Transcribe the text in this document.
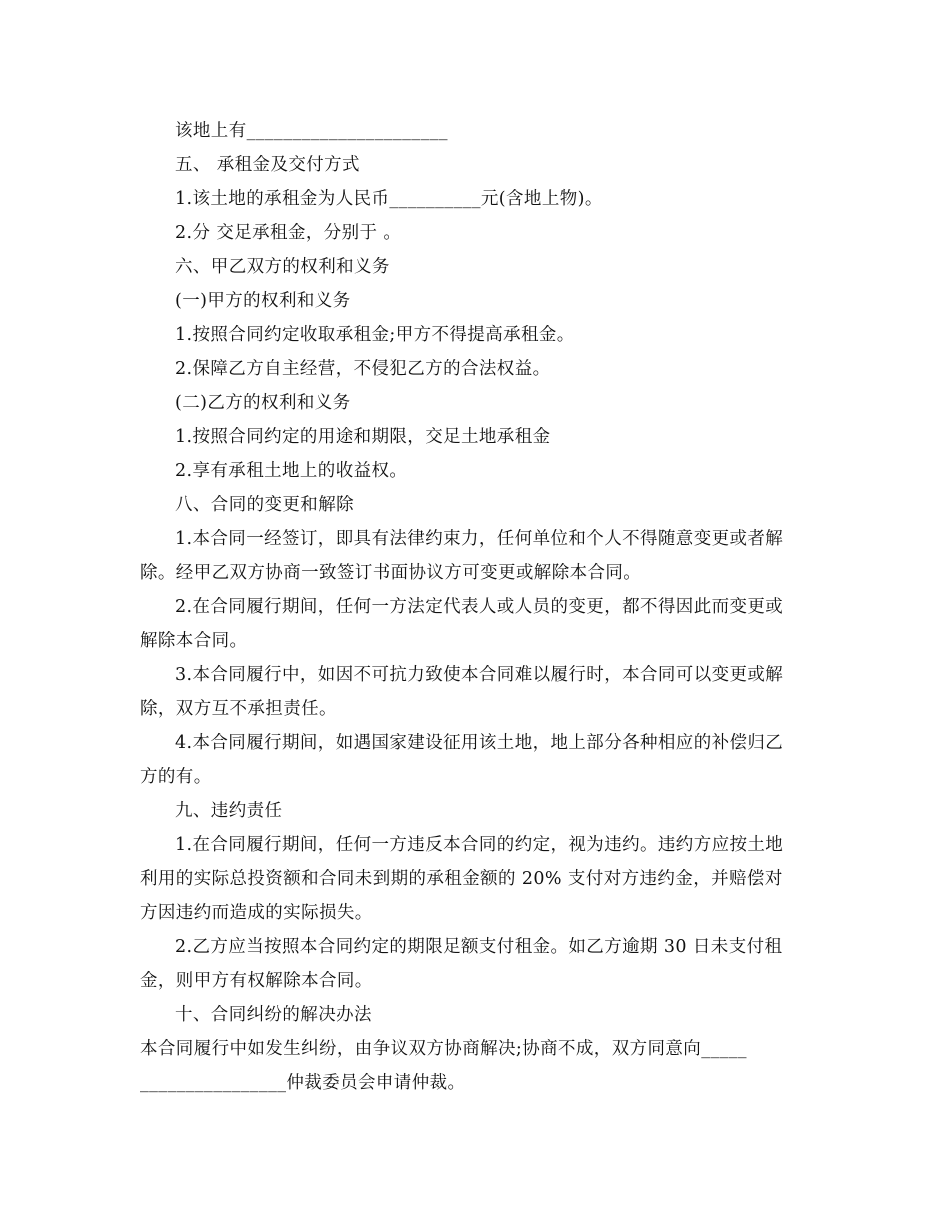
该地上有______________________
五、 承租金及交付方式
1.该土地的承租金为人民币__________元(含地上物)。
2.分 交足承租金，分别于 。
六、甲乙双方的权利和义务
(一)甲方的权利和义务
1.按照合同约定收取承租金;甲方不得提高承租金。
2.保障乙方自主经营，不侵犯乙方的合法权益。
(二)乙方的权利和义务
1.按照合同约定的用途和期限，交足土地承租金
2.享有承租土地上的收益权。
八、合同的变更和解除
1.本合同一经签订，即具有法律约束力，任何单位和个人不得随意变更或者解
除。经甲乙双方协商一致签订书面协议方可变更或解除本合同。
2.在合同履行期间，任何一方法定代表人或人员的变更，都不得因此而变更或
解除本合同。
3.本合同履行中，如因不可抗力致使本合同难以履行时，本合同可以变更或解
除，双方互不承担责任。
4.本合同履行期间，如遇国家建设征用该土地，地上部分各种相应的补偿归乙
方的有。
九、违约责任
1.在合同履行期间，任何一方违反本合同的约定，视为违约。违约方应按土地
利用的实际总投资额和合同未到期的承租金额的 20% 支付对方违约金，并赔偿对
方因违约而造成的实际损失。
2.乙方应当按照本合同约定的期限足额支付租金。如乙方逾期 30 日未支付租
金，则甲方有权解除本合同。
十、合同纠纷的解决办法
本合同履行中如发生纠纷，由争议双方协商解决;协商不成，双方同意向_____
________________仲裁委员会申请仲裁。
